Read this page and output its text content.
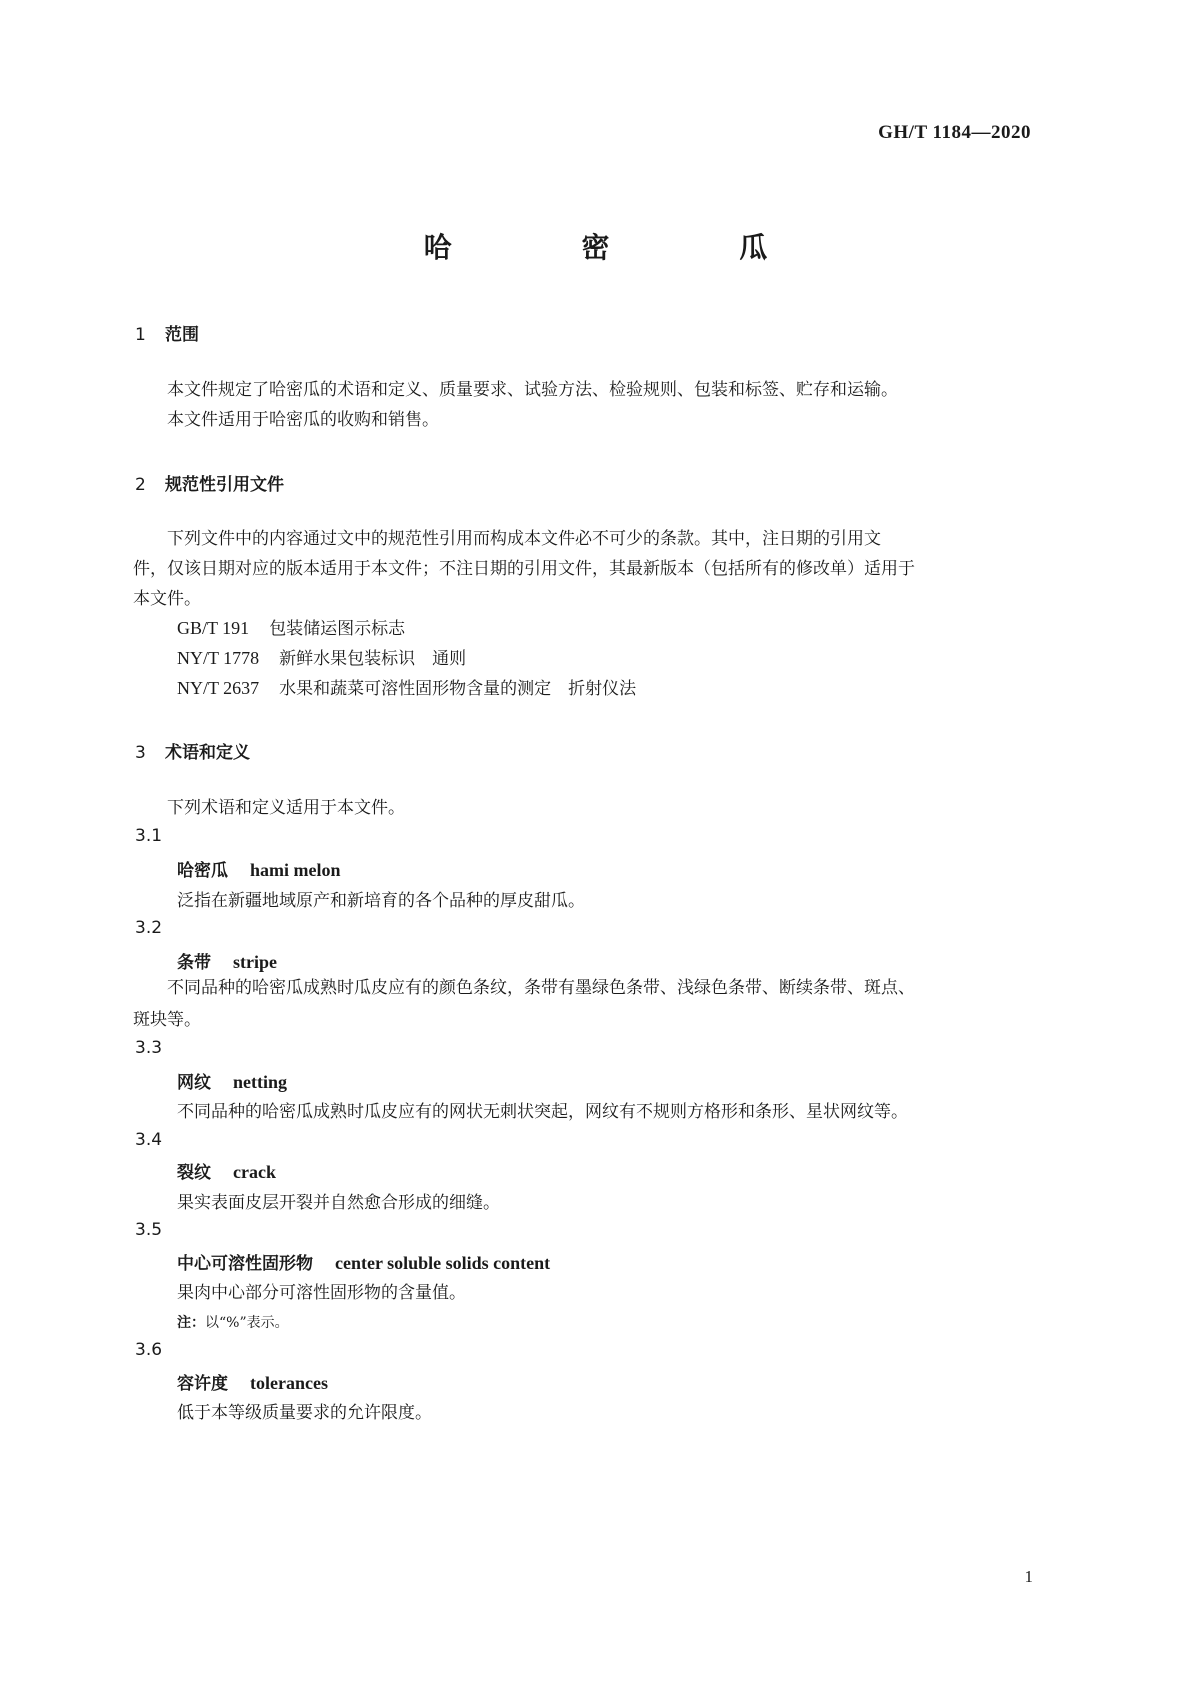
GH/T 1184—2020
哈 密 瓜
1 范围
本文件规定了哈密瓜的术语和定义、质量要求、试验方法、检验规则、包装和标签、贮存和运输。
本文件适用于哈密瓜的收购和销售。
2 规范性引用文件
下列文件中的内容通过文中的规范性引用而构成本文件必不可少的条款。其中，注日期的引用文
件，仅该日期对应的版本适用于本文件；不注日期的引用文件，其最新版本（包括所有的修改单）适用于
本文件。
GB/T 191 包装储运图示标志
NY/T 1778 新鲜水果包装标识　通则
NY/T 2637 水果和蔬菜可溶性固形物含量的测定　折射仪法
3 术语和定义
下列术语和定义适用于本文件。
3.1
哈密瓜 hami melon
泛指在新疆地域原产和新培育的各个品种的厚皮甜瓜。
3.2
条带 stripe
不同品种的哈密瓜成熟时瓜皮应有的颜色条纹，条带有墨绿色条带、浅绿色条带、断续条带、斑点、
斑块等。
3.3
网纹 netting
不同品种的哈密瓜成熟时瓜皮应有的网状无刺状突起，网纹有不规则方格形和条形、星状网纹等。
3.4
裂纹 crack
果实表面皮层开裂并自然愈合形成的细缝。
3.5
中心可溶性固形物 center soluble solids content
果肉中心部分可溶性固形物的含量值。
注：以“%”表示。
3.6
容许度 tolerances
低于本等级质量要求的允许限度。
1
